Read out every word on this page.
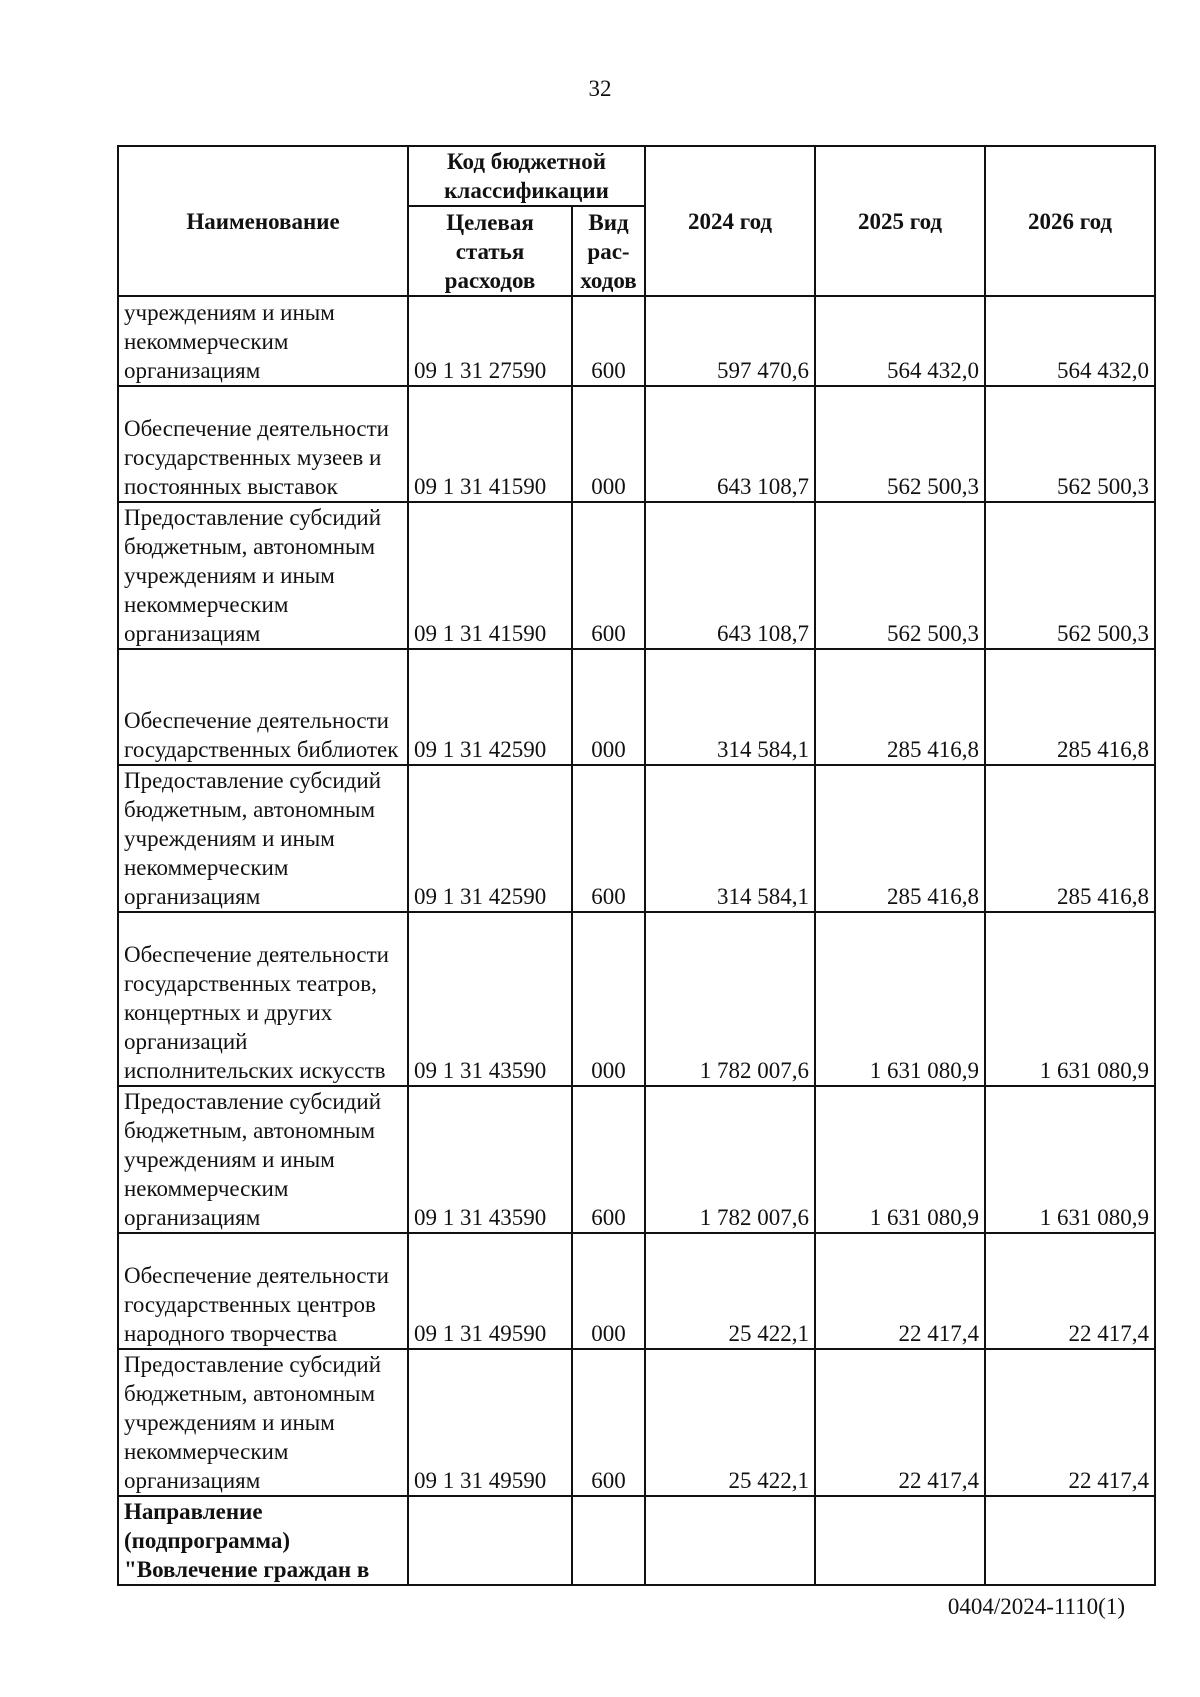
32
Наименование	Код бюджетной классификации		2024 год	2025 год	2026 год
	Целевая статья расходов	Вид рас-ходов			
учреждениям и иным некоммерческим организациям	09 1 31 27590	600	597 470,6	564 432,0	564 432,0
Обеспечение деятельности государственных музеев и постоянных выставок	09 1 31 41590	000	643 108,7	562 500,3	562 500,3
Предоставление субсидий бюджетным, автономным учреждениям и иным некоммерческим организациям	09 1 31 41590	600	643 108,7	562 500,3	562 500,3
Обеспечение деятельности государственных библиотек	09 1 31 42590	000	314 584,1	285 416,8	285 416,8
Предоставление субсидий бюджетным, автономным учреждениям и иным некоммерческим организациям	09 1 31 42590	600	314 584,1	285 416,8	285 416,8
Обеспечение деятельности государственных театров, концертных и других организаций исполнительских искусств	09 1 31 43590	000	1 782 007,6	1 631 080,9	1 631 080,9
Предоставление субсидий бюджетным, автономным учреждениям и иным некоммерческим организациям	09 1 31 43590	600	1 782 007,6	1 631 080,9	1 631 080,9
Обеспечение деятельности государственных центров народного творчества	09 1 31 49590	000	25 422,1	22 417,4	22 417,4
Предоставление субсидий бюджетным, автономным учреждениям и иным некоммерческим организациям	09 1 31 49590	600	25 422,1	22 417,4	22 417,4
Направление (подпрограмма) "Вовлечение граждан в					
0404/2024-1110(1)
